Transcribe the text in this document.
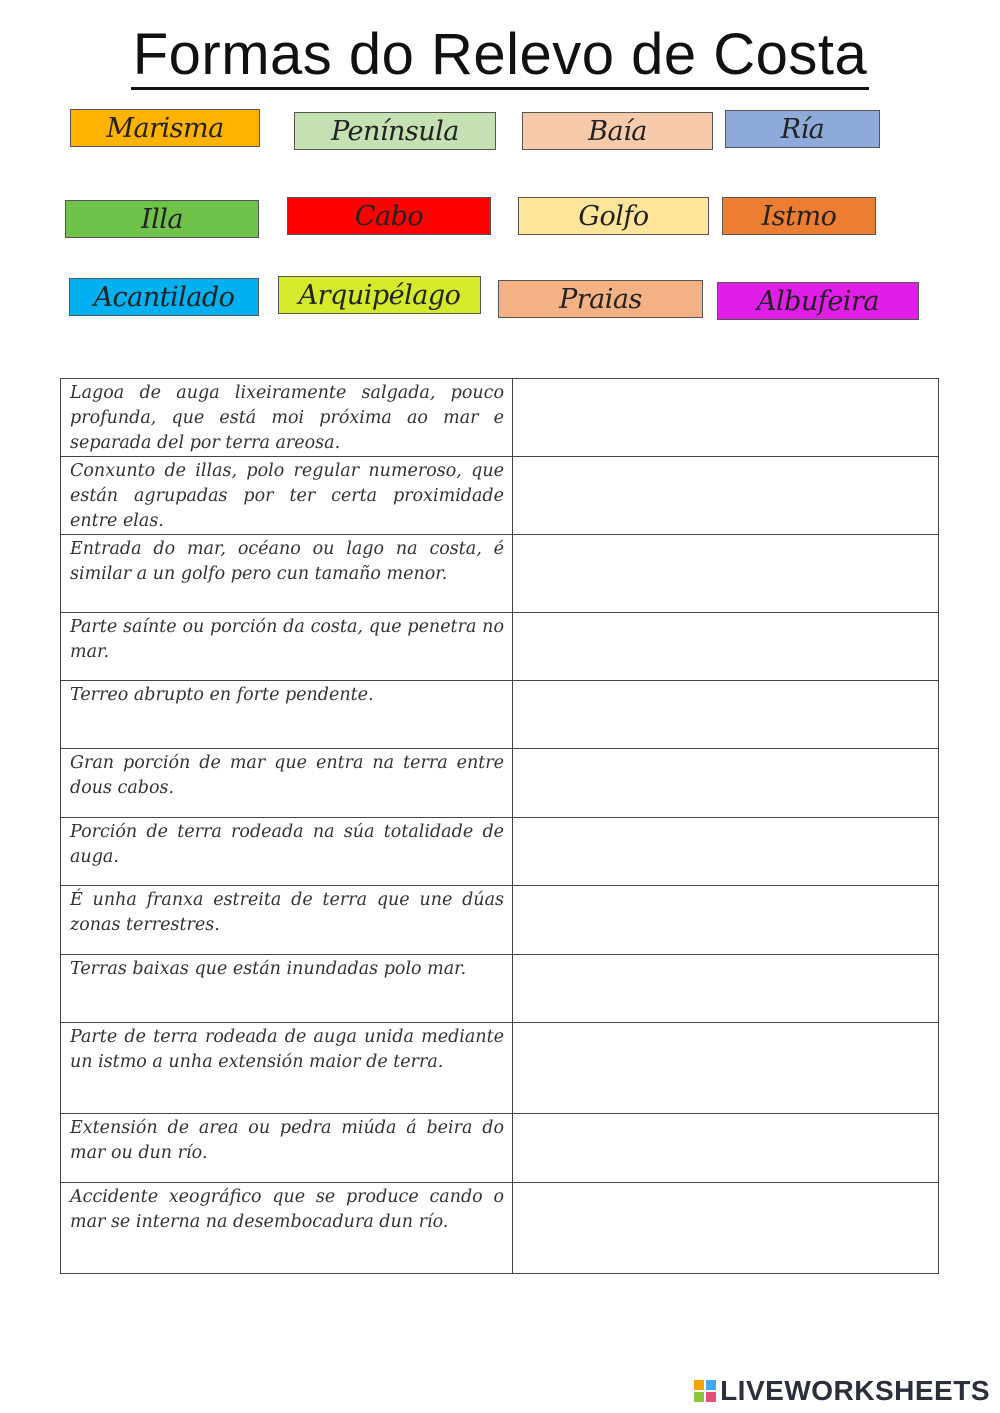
Formas do Relevo de Costa
Marisma	Península	Baía	Ría
Illa	Cabo	Golfo	Istmo
Acantilado	Arquipélago	Praias	Albufeira
Lagoa de auga lixeiramente salgada, pouco profunda, que está moi próxima ao mar e separada del por terra areosa.	
Conxunto de illas, polo regular numeroso, que están agrupadas por ter certa proximidade entre elas.	
Entrada do mar, océano ou lago na costa, é similar a un golfo pero cun tamaño menor.	
Parte saínte ou porción da costa, que penetra no mar.	
Terreo abrupto en forte pendente.	
Gran porción de mar que entra na terra entre dous cabos.	
Porción de terra rodeada na súa totalidade de auga.	
É unha franxa estreita de terra que une dúas zonas terrestres.	
Terras baixas que están inundadas polo mar.	
Parte de terra rodeada de auga unida mediante un istmo a unha extensión maior de terra.	
Extensión de area ou pedra miúda á beira do mar ou dun río.	
Accidente xeográfico que se produce cando o mar se interna na desembocadura dun río.	
LIVEWORKSHEETS
